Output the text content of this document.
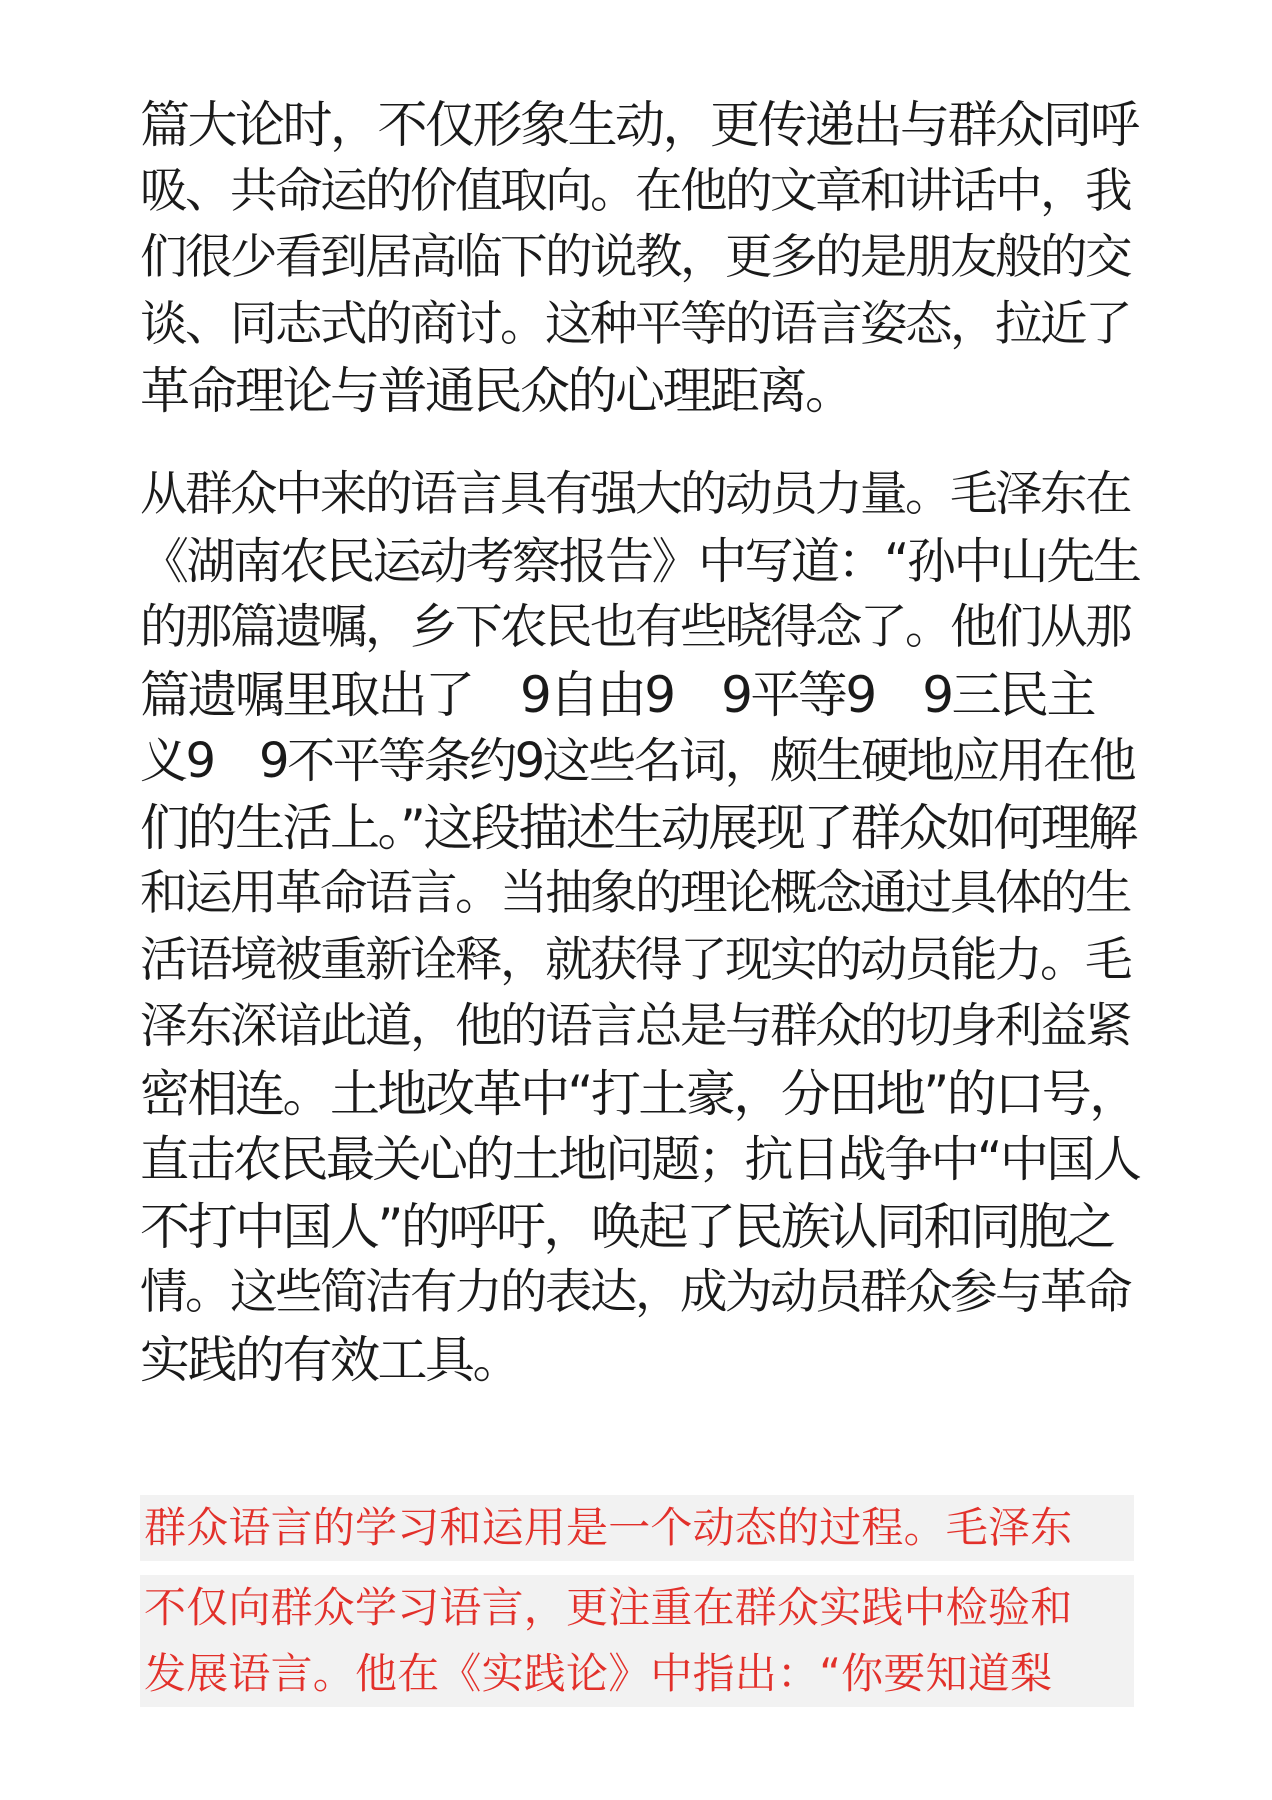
篇大论时，不仅形象生动，更传递出与群众同呼
吸、共命运的价值取向。在他的文章和讲话中，我
们很少看到居高临下的说教，更多的是朋友般的交
谈、同志式的商讨。这种平等的语言姿态，拉近了
革命理论与普通民众的心理距离。
从群众中来的语言具有强大的动员力量。毛泽东在
《湖南农民运动考察报告》中写道：“孙中山先生
的那篇遗嘱，乡下农民也有些晓得念了。他们从那
篇遗嘱里取出了　9自由9　9平等9　9三民主
义9　9不平等条约9这些名词，颇生硬地应用在他
们的生活上。”这段描述生动展现了群众如何理解
和运用革命语言。当抽象的理论概念通过具体的生
活语境被重新诠释，就获得了现实的动员能力。毛
泽东深谙此道，他的语言总是与群众的切身利益紧
密相连。土地改革中“打土豪，分田地”的口号，
直击农民最关心的土地问题；抗日战争中“中国人
不打中国人”的呼吁，唤起了民族认同和同胞之
情。这些简洁有力的表达，成为动员群众参与革命
实践的有效工具。
群众语言的学习和运用是一个动态的过程。毛泽东
不仅向群众学习语言，更注重在群众实践中检验和
发展语言。他在《实践论》中指出：“你要知道梨
